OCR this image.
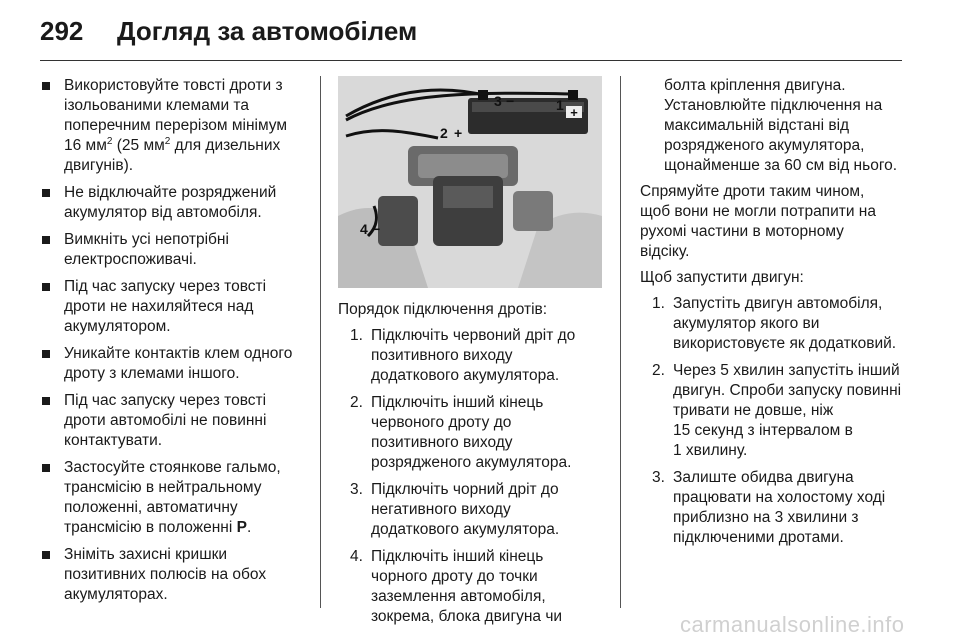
292 Догляд за автомобілем
Використовуйте товсті дроти з
ізольованими клемами та
поперечним перерізом мінімум
16 $мм^2$ (25 $мм^2$ для дизельних
двигунів).
Не відключайте розряджений
акумулятор від автомобіля.
Вимкніть усі непотрібні
електроспоживачі.
Під час запуску через товсті
дроти не нахиляйтеся над
акумулятором.
Уникайте контактів клем одного
дроту з клемами іншого.
Під час запуску через товсті
дроти автомобілі не повинні
контактувати.
Застосуйте стоянкове гальмо,
трансмісію в нейтральному
положенні, автоматичну
трансмісію в положенні P.
Зніміть захисні кришки
позитивних полюсів на обох
акумуляторах.
+
1
2 +
3 −
4 −
Порядок підключення дротів:
1. Підключіть червоний дріт до
позитивного виходу
додаткового акумулятора.
2. Підключіть інший кінець
червоного дроту до
позитивного виходу
розрядженого акумулятора.
3. Підключіть чорний дріт до
негативного виходу
додаткового акумулятора.
4. Підключіть інший кінець
чорного дроту до точки
заземлення автомобіля,
зокрема, блока двигуна чи
болта кріплення двигуна.
Установлюйте підключення на
максимальній відстані від
розрядженого акумулятора,
щонайменше за 60 см від нього.
Спрямуйте дроти таким чином,
щоб вони не могли потрапити на
рухомі частини в моторному
відсіку.
Щоб запустити двигун:
1. Запустіть двигун автомобіля,
акумулятор якого ви
використовуєте як додатковий.
2. Через 5 хвилин запустіть інший
двигун. Спроби запуску повинні
тривати не довше, ніж
15 секунд з інтервалом в
1 хвилину.
3. Залиште обидва двигуна
працювати на холостому ході
приблизно на 3 хвилини з
підключеними дротами.
carmanualsonline.info
